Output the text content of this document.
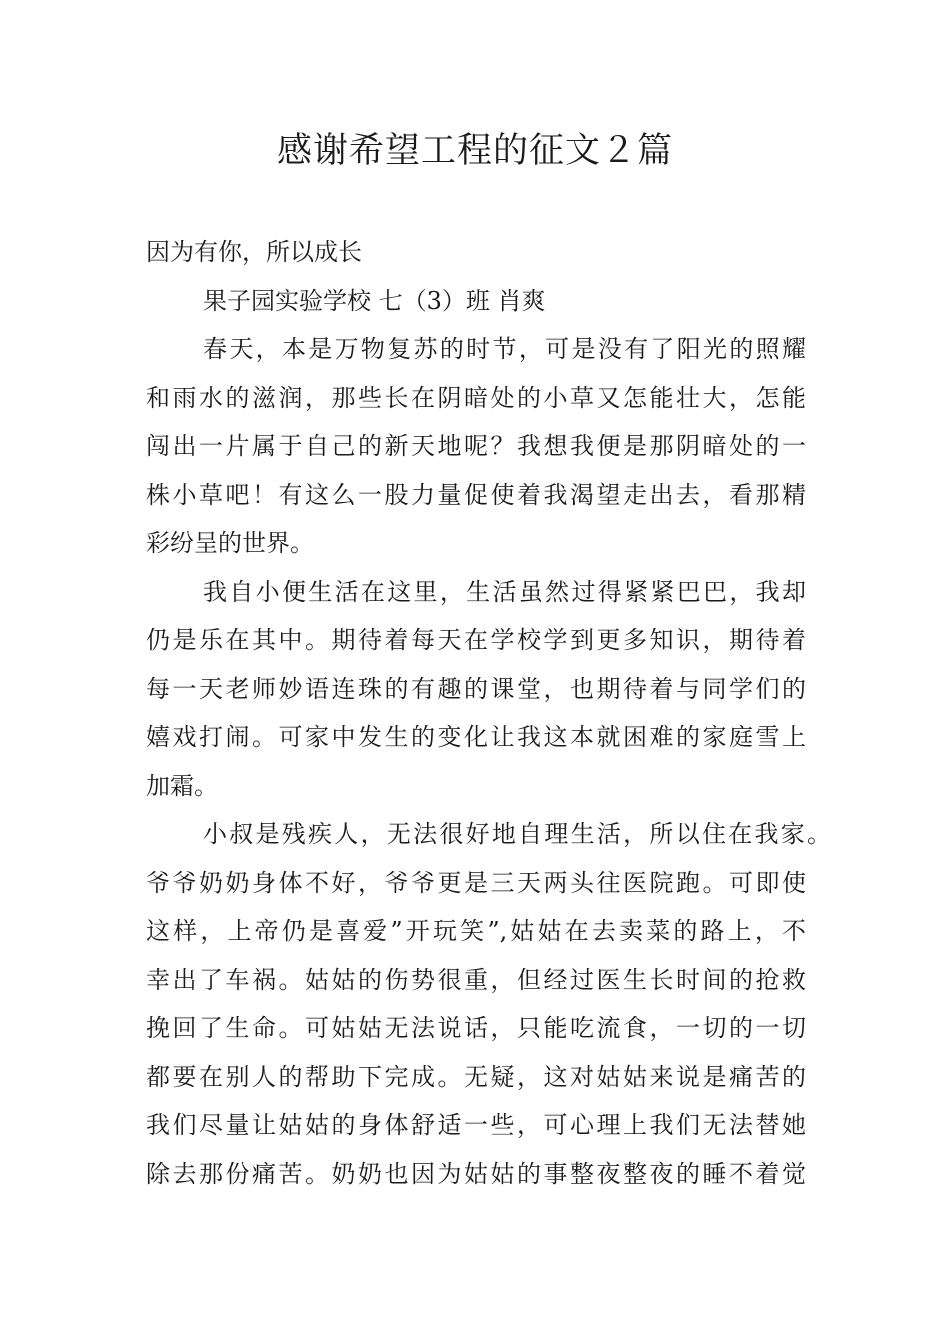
感谢希望工程的征文２篇
因为有你，所以成长
果子园实验学校 七（3）班 肖爽
春天，本是万物复苏的时节，可是没有了阳光的照耀
和雨水的滋润，那些长在阴暗处的小草又怎能壮大，怎能
闯出一片属于自己的新天地呢？我想我便是那阴暗处的一
株小草吧！有这么一股力量促使着我渴望走出去，看那精
彩纷呈的世界。
我自小便生活在这里，生活虽然过得紧紧巴巴，我却
仍是乐在其中。期待着每天在学校学到更多知识，期待着
每一天老师妙语连珠的有趣的课堂，也期待着与同学们的
嬉戏打闹。可家中发生的变化让我这本就困难的家庭雪上
加霜。
小叔是残疾人，无法很好地自理生活，所以住在我家。
爷爷奶奶身体不好，爷爷更是三天两头往医院跑。可即使
这样，上帝仍是喜爱”开玩笑”,姑姑在去卖菜的路上，不
幸出了车祸。姑姑的伤势很重，但经过医生长时间的抢救
挽回了生命。可姑姑无法说话，只能吃流食，一切的一切
都要在别人的帮助下完成。无疑，这对姑姑来说是痛苦的
我们尽量让姑姑的身体舒适一些，可心理上我们无法替她
除去那份痛苦。奶奶也因为姑姑的事整夜整夜的睡不着觉
